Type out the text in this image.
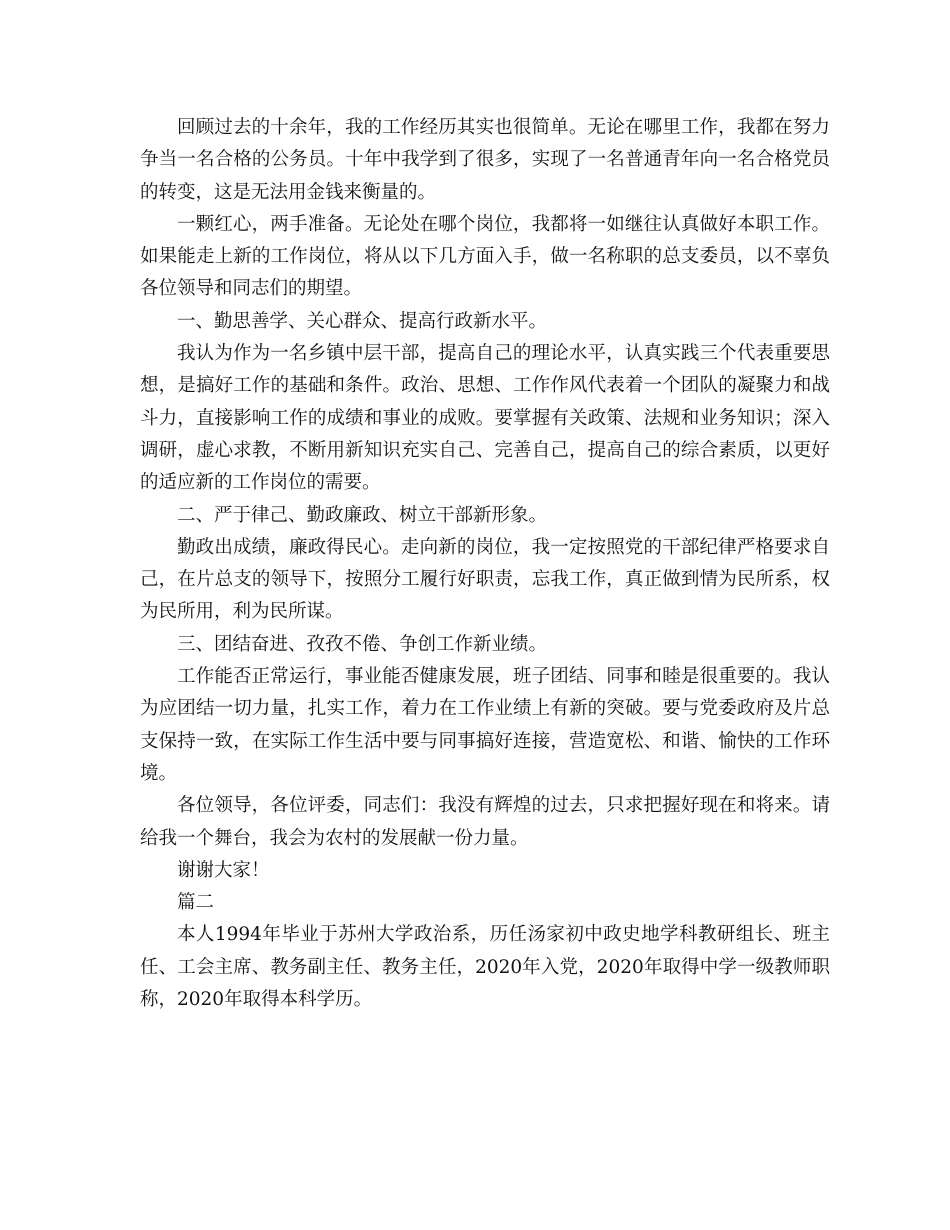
回顾过去的十余年，我的工作经历其实也很简单。无论在哪里工作，我都在努力争当一名合格的公务员。十年中我学到了很多，实现了一名普通青年向一名合格党员的转变，这是无法用金钱来衡量的。

一颗红心，两手准备。无论处在哪个岗位，我都将一如继往认真做好本职工作。如果能走上新的工作岗位，将从以下几方面入手，做一名称职的总支委员，以不辜负各位领导和同志们的期望。

一、勤思善学、关心群众、提高行政新水平。

我认为作为一名乡镇中层干部，提高自己的理论水平，认真实践三个代表重要思想，是搞好工作的基础和条件。政治、思想、工作作风代表着一个团队的凝聚力和战斗力，直接影响工作的成绩和事业的成败。要掌握有关政策、法规和业务知识；深入调研，虚心求教，不断用新知识充实自己、完善自己，提高自己的综合素质，以更好的适应新的工作岗位的需要。

二、严于律己、勤政廉政、树立干部新形象。

勤政出成绩，廉政得民心。走向新的岗位，我一定按照党的干部纪律严格要求自己，在片总支的领导下，按照分工履行好职责，忘我工作，真正做到情为民所系，权为民所用，利为民所谋。

三、团结奋进、孜孜不倦、争创工作新业绩。

工作能否正常运行，事业能否健康发展，班子团结、同事和睦是很重要的。我认为应团结一切力量，扎实工作，着力在工作业绩上有新的突破。要与党委政府及片总支保持一致，在实际工作生活中要与同事搞好连接，营造宽松、和谐、愉快的工作环境。

各位领导，各位评委，同志们：我没有辉煌的过去，只求把握好现在和将来。请给我一个舞台，我会为农村的发展献一份力量。

谢谢大家！

篇二

本人1994年毕业于苏州大学政治系，历任汤家初中政史地学科教研组长、班主任、工会主席、教务副主任、教务主任，2020年入党，2020年取得中学一级教师职称，2020年取得本科学历。
